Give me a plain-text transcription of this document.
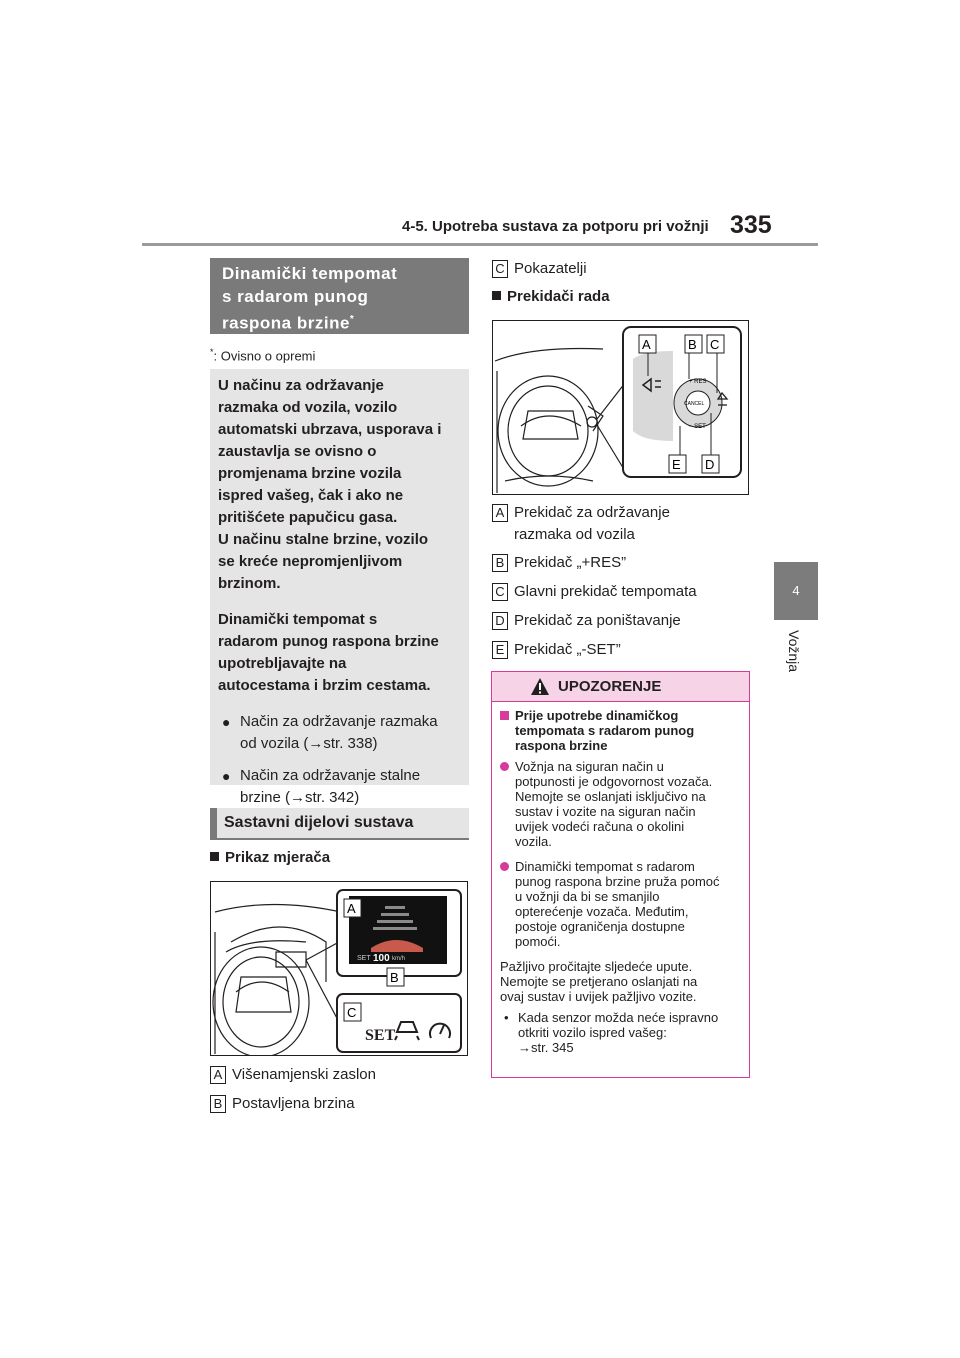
4-5. Upotreba sustava za potporu pri vožnji 335
4
Vožnja
Dinamički tempomat
s radarom punog
raspona brzine*
*: Ovisno o opremi

U načinu za održavanje
razmaka od vozila, vozilo
automatski ubrzava, usporava i
zaustavlja se ovisno o
promjenama brzine vozila
ispred vašeg, čak i ako ne
pritišćete papučicu gasa.
U načinu stalne brzine, vozilo
se kreće nepromjenljivom
brzinom.

Dinamički tempomat s
radarom punog raspona brzine
upotrebljavajte na
autocestama i brzim cestama.

● Način za održavanje razmaka
od vozila (→str. 338)
● Način za održavanje stalne
brzine (→str. 342)
Sastavni dijelovi sustava
Prikaz mjerača
SET 100 km/h
SET
A
B
C
A Višenamjenski zaslon
B Postavljena brzina
C Pokazatelji
Prekidači rada
CANCEL
+ RES
− SET
A	B C
E D
A Prekidač za održavanje
razmaka od vozila
B Prekidač „+RES”
C Glavni prekidač tempomata
D Prekidač za poništavanje
E Prekidač „-SET”
UPOZORENJE
Prije upotrebe dinamičkog
tempomata s radarom punog
raspona brzine
Vožnja na siguran način u
potpunosti je odgovornost vozača.
Nemojte se oslanjati isključivo na
sustav i vozite na siguran način
uvijek vodeći računa o okolini
vozila.
Dinamički tempomat s radarom
punog raspona brzine pruža pomoć
u vožnji da bi se smanjilo
opterećenje vozača. Međutim,
postoje ograničenja dostupne
pomoći.
Pažljivo pročitajte sljedeće upute.
Nemojte se pretjerano oslanjati na
ovaj sustav i uvijek pažljivo vozite.
• Kada senzor možda neće ispravno
otkriti vozilo ispred vašeg:
→str. 345
